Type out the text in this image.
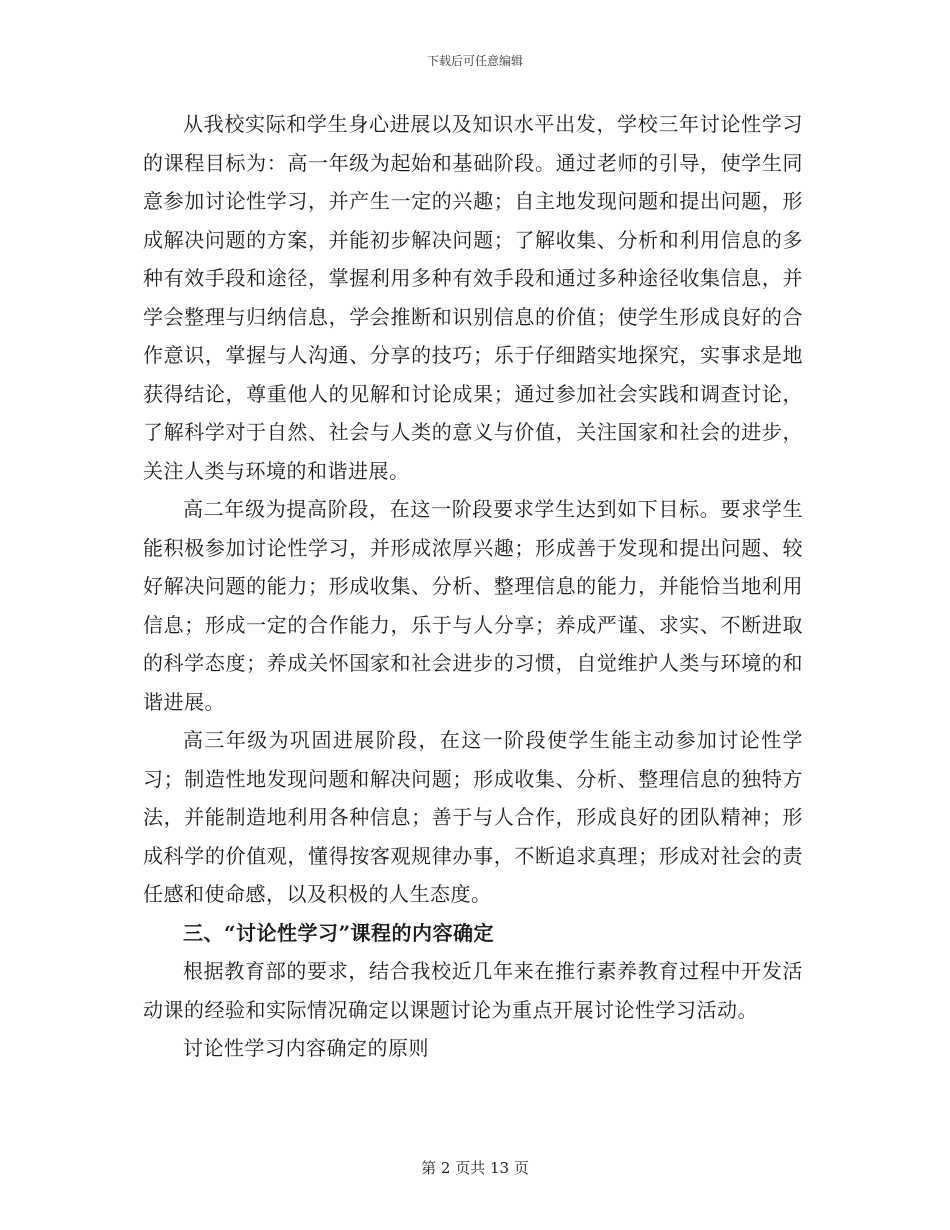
下载后可任意编辑

从我校实际和学生身心进展以及知识水平出发，学校三年讨论性学习的课程目标为：高一年级为起始和基础阶段。通过老师的引导，使学生同意参加讨论性学习，并产生一定的兴趣；自主地发现问题和提出问题，形成解决问题的方案，并能初步解决问题；了解收集、分析和利用信息的多种有效手段和途径，掌握利用多种有效手段和通过多种途径收集信息，并学会整理与归纳信息，学会推断和识别信息的价值；使学生形成良好的合作意识，掌握与人沟通、分享的技巧；乐于仔细踏实地探究，实事求是地获得结论，尊重他人的见解和讨论成果；通过参加社会实践和调查讨论，了解科学对于自然、社会与人类的意义与价值，关注国家和社会的进步，关注人类与环境的和谐进展。

高二年级为提高阶段，在这一阶段要求学生达到如下目标。要求学生能积极参加讨论性学习，并形成浓厚兴趣；形成善于发现和提出问题、较好解决问题的能力；形成收集、分析、整理信息的能力，并能恰当地利用信息；形成一定的合作能力，乐于与人分享；养成严谨、求实、不断进取的科学态度；养成关怀国家和社会进步的习惯，自觉维护人类与环境的和谐进展。

高三年级为巩固进展阶段，在这一阶段使学生能主动参加讨论性学习；制造性地发现问题和解决问题；形成收集、分析、整理信息的独特方法，并能制造地利用各种信息；善于与人合作，形成良好的团队精神；形成科学的价值观，懂得按客观规律办事，不断追求真理；形成对社会的责任感和使命感，以及积极的人生态度。

三、“讨论性学习”课程的内容确定

根据教育部的要求，结合我校近几年来在推行素养教育过程中开发活动课的经验和实际情况确定以课题讨论为重点开展讨论性学习活动。

讨论性学习内容确定的原则

第 2 页共 13 页
